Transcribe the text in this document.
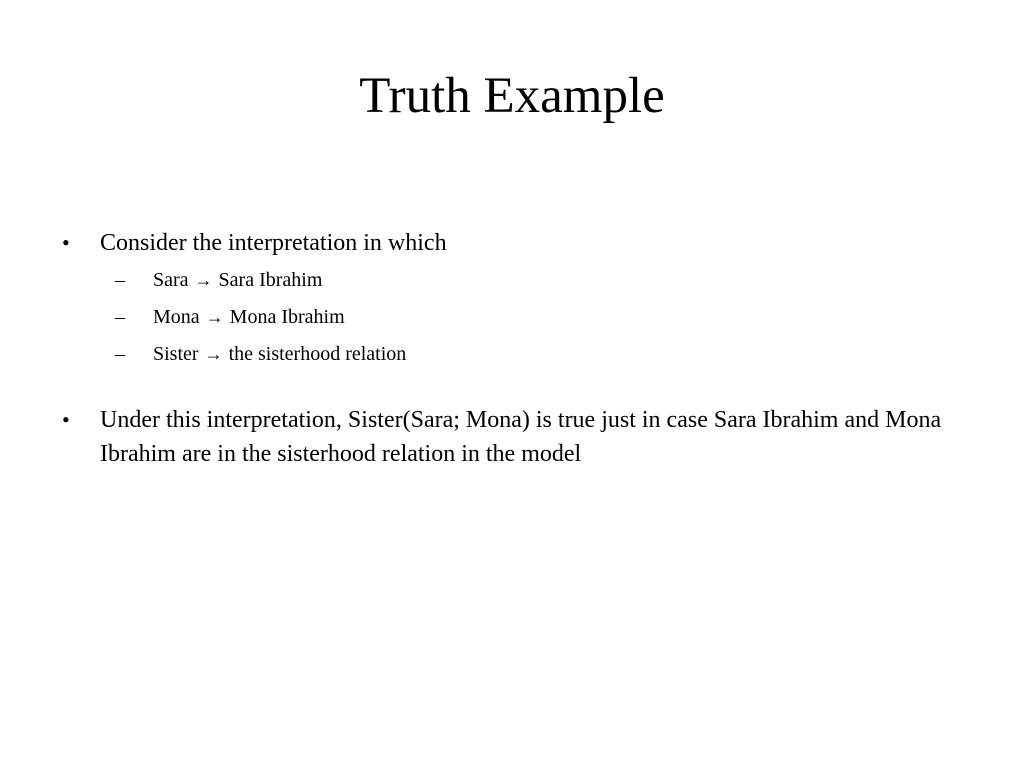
Truth Example
•	Consider the interpretation in which
– Sara → Sara Ibrahim
– Mona → Mona Ibrahim
– Sister → the sisterhood relation
•	Under this interpretation, Sister(Sara; Mona) is true just in case Sara Ibrahim and Mona Ibrahim are in the sisterhood relation in the model
